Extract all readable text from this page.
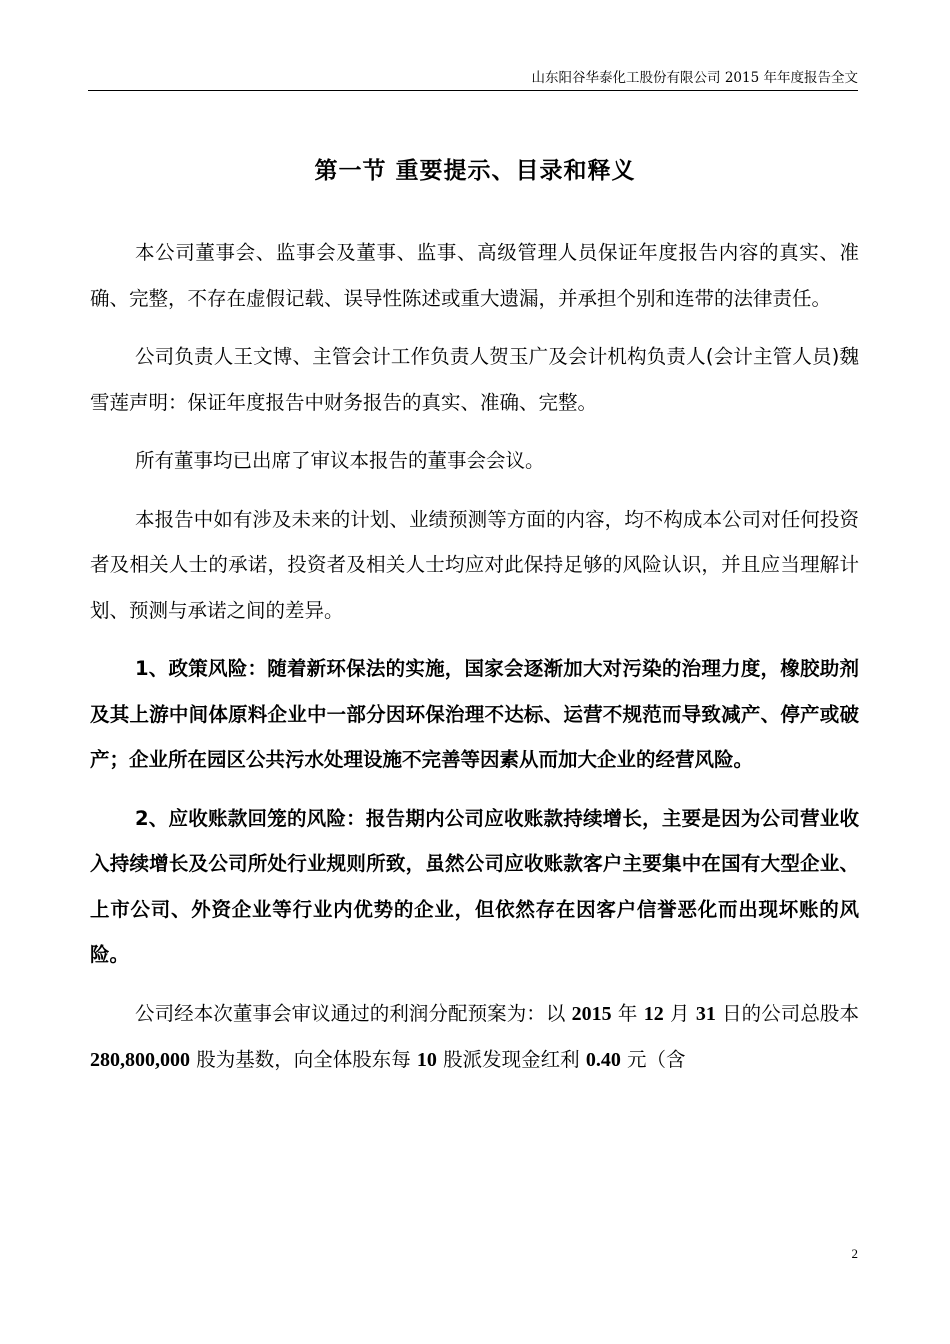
山东阳谷华泰化工股份有限公司 2015 年年度报告全文
第一节 重要提示、目录和释义

本公司董事会、监事会及董事、监事、高级管理人员保证年度报告内容的真实、准确、完整，不存在虚假记载、误导性陈述或重大遗漏，并承担个别和连带的法律责任。

公司负责人王文博、主管会计工作负责人贺玉广及会计机构负责人(会计主管人员)魏雪莲声明：保证年度报告中财务报告的真实、准确、完整。

所有董事均已出席了审议本报告的董事会会议。

本报告中如有涉及未来的计划、业绩预测等方面的内容，均不构成本公司对任何投资者及相关人士的承诺，投资者及相关人士均应对此保持足够的风险认识，并且应当理解计划、预测与承诺之间的差异。

1、政策风险：随着新环保法的实施，国家会逐渐加大对污染的治理力度，橡胶助剂及其上游中间体原料企业中一部分因环保治理不达标、运营不规范而导致减产、停产或破产；企业所在园区公共污水处理设施不完善等因素从而加大企业的经营风险。

2、应收账款回笼的风险：报告期内公司应收账款持续增长，主要是因为公司营业收入持续增长及公司所处行业规则所致，虽然公司应收账款客户主要集中在国有大型企业、上市公司、外资企业等行业内优势的企业，但依然存在因客户信誉恶化而出现坏账的风险。

公司经本次董事会审议通过的利润分配预案为：以 2015 年 12 月 31 日的公司总股本 280,800,000 股为基数，向全体股东每 10 股派发现金红利 0.40 元（含

2
